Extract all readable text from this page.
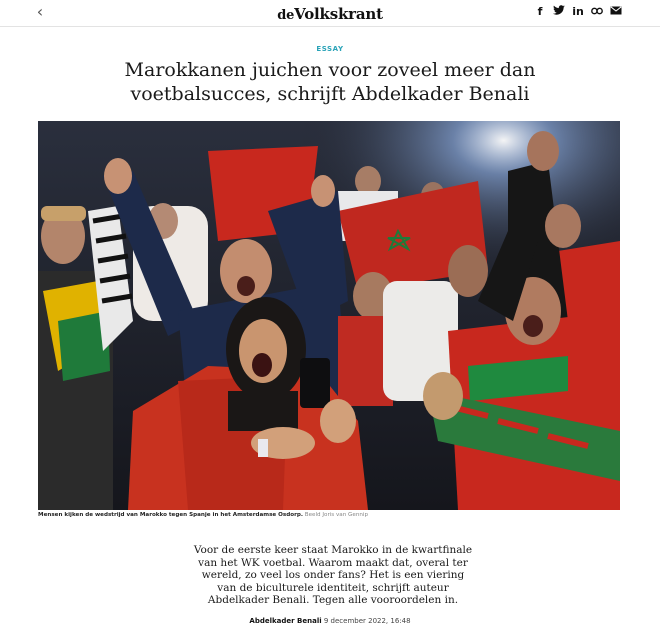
‹	deVolkskrant	f	in
ESSAY
Marokkanen juichen voor zoveel meer dan voetbalsucces, schrijft Abdelkader Benali
Mensen kijken de wedstrijd van Marokko tegen Spanje in het Amsterdamse Osdorp. Beeld Joris van Gennip
Voor de eerste keer staat Marokko in de kwartfinale van het WK voetbal. Waarom maakt dat, overal ter wereld, zo veel los onder fans? Het is een viering van de biculturele identiteit, schrijft auteur Abdelkader Benali. Tegen alle vooroordelen in.
Abdelkader Benali 9 december 2022, 16:48
